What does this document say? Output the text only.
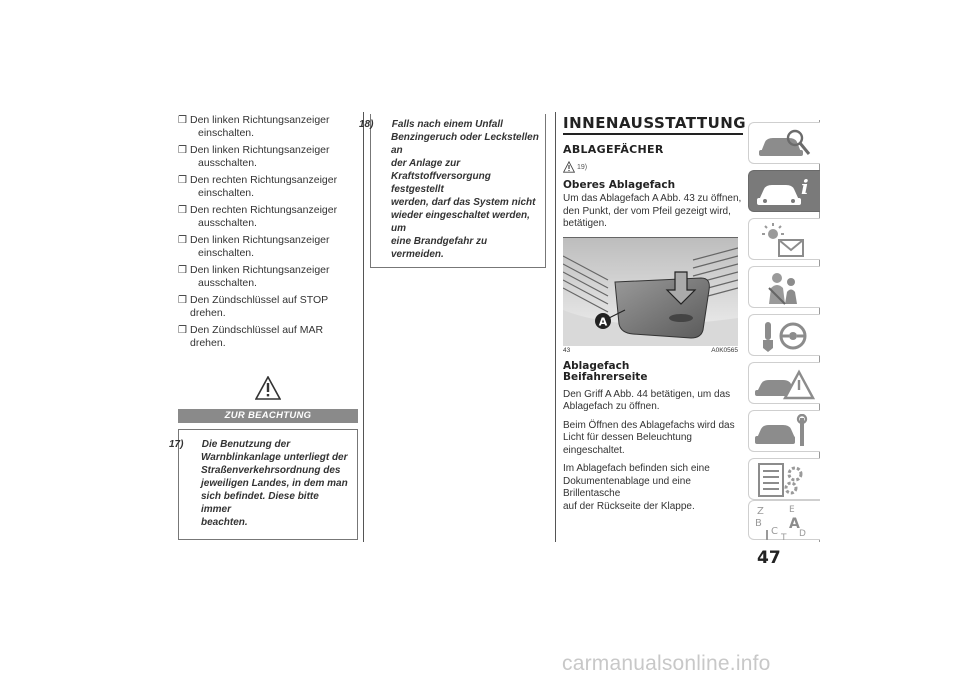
❒ Den linken Richtungsanzeiger
einschalten.
❒ Den linken Richtungsanzeiger
ausschalten.
❒ Den rechten Richtungsanzeiger
einschalten.
❒ Den rechten Richtungsanzeiger
ausschalten.
❒ Den linken Richtungsanzeiger
einschalten.
❒ Den linken Richtungsanzeiger
ausschalten.
❒ Den Zündschlüssel auf STOP drehen.
❒ Den Zündschlüssel auf MAR drehen.
ZUR BEACHTUNG

17) Die Benutzung der
Warnblinkanlage unterliegt der
Straßenverkehrsordnung des
jeweiligen Landes, in dem man
sich befindet. Diese bitte immer
beachten.

18) Falls nach einem Unfall
Benzingeruch oder Leckstellen an
der Anlage zur
Kraftstoffversorgung festgestellt
werden, darf das System nicht
wieder eingeschaltet werden, um
eine Brandgefahr zu vermeiden.

INNENAUSSTATTUNG
ABLAGEFÄCHER
19)
Oberes Ablagefach

Um das Ablagefach A Abb. 43 zu öffnen,
den Punkt, der vom Pfeil gezeigt wird,
betätigen.

A
43	A0K0565
Ablagefach
Beifahrerseite

Den Griff A Abb. 44 betätigen, um das
Ablagefach zu öffnen.

Beim Öffnen des Ablagefachs wird das
Licht für dessen Beleuchtung
eingeschaltet.

Im Ablagefach befinden sich eine
Dokumentenablage und eine Brillentasche
auf der Rückseite der Klappe.

i
Z	E
B A
C D
T
47
carmanualsonline.info
